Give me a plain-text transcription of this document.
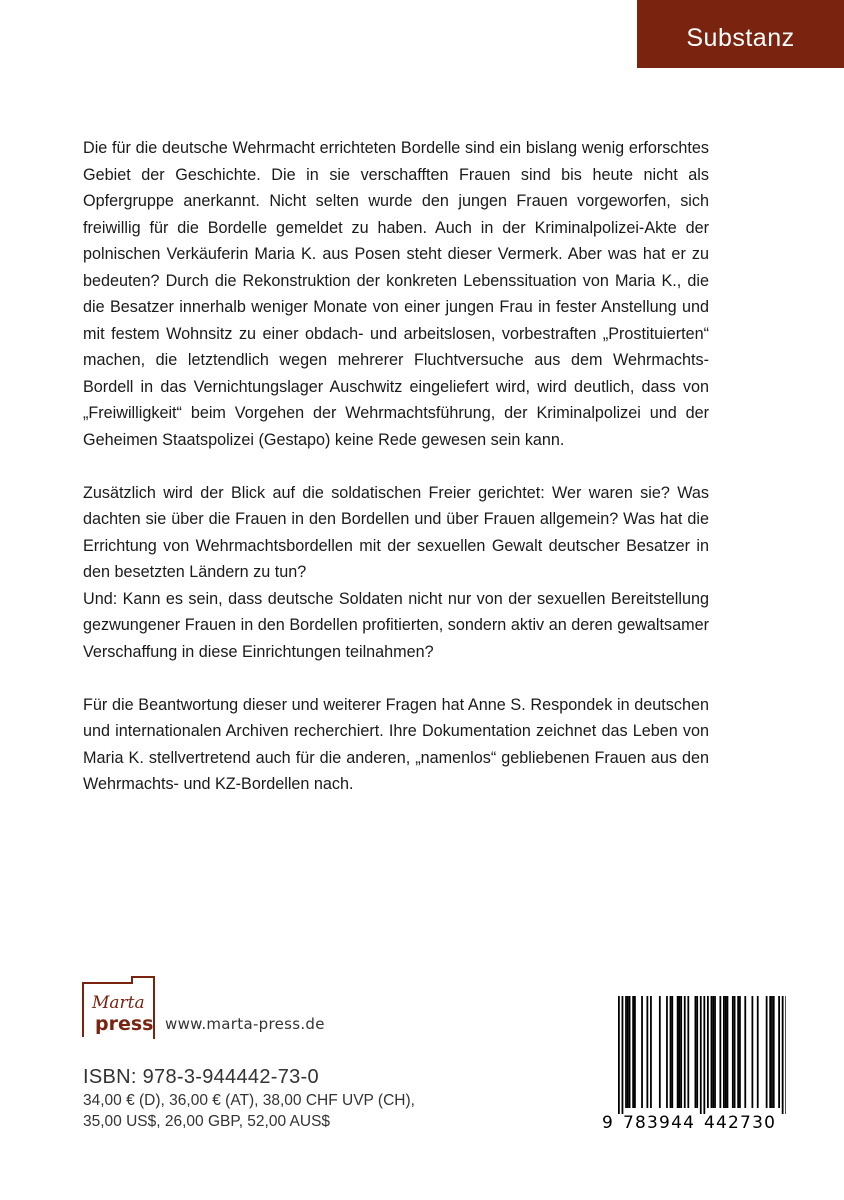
Substanz

Die für die deutsche Wehrmacht errichteten Bordelle sind ein bislang wenig erforschtes Gebiet der Geschichte. Die in sie verschafften Frauen sind bis heute nicht als Opfergruppe anerkannt. Nicht selten wurde den jungen Frauen vorgeworfen, sich freiwillig für die Bordelle gemeldet zu haben. Auch in der Kriminalpolizei-Akte der polnischen Verkäuferin Maria K. aus Posen steht dieser Vermerk. Aber was hat er zu bedeuten? Durch die Rekonstruktion der konkreten Lebenssituation von Maria K., die die Besatzer innerhalb weniger Monate von einer jungen Frau in fester Anstellung und mit festem Wohnsitz zu einer obdach- und arbeitslosen, vorbestraften „Prostituierten“ machen, die letztendlich wegen mehrerer Fluchtversuche aus dem Wehrmachts-Bordell in das Vernichtungslager Auschwitz eingeliefert wird, wird deutlich, dass von „Freiwilligkeit“ beim Vorgehen der Wehrmachtsführung, der Kriminalpolizei und der Geheimen Staatspolizei (Gestapo) keine Rede gewesen sein kann.

Zusätzlich wird der Blick auf die soldatischen Freier gerichtet: Wer waren sie? Was dachten sie über die Frauen in den Bordellen und über Frauen allgemein? Was hat die Errichtung von Wehrmachtsbordellen mit der sexuellen Gewalt deutscher Besatzer in den besetzten Ländern zu tun?
Und: Kann es sein, dass deutsche Soldaten nicht nur von der sexuellen Bereitstellung gezwungener Frauen in den Bordellen profitierten, sondern aktiv an deren gewaltsamer Verschaffung in diese Einrichtungen teilnahmen?

Für die Beantwortung dieser und weiterer Fragen hat Anne S. Respondek in deutschen und internationalen Archiven recherchiert. Ihre Dokumentation zeichnet das Leben von Maria K. stellvertretend auch für die anderen, „namenlos“ gebliebenen Frauen aus den Wehrmachts- und KZ-Bordellen nach.

Marta
press www.marta-press.de
ISBN: 978-3-944442-73-0
34,00 € (D), 36,00 € (AT), 38,00 CHF UVP (CH),
35,00 US$, 26,00 GBP, 52,00 AUS$	9 783944 442730
